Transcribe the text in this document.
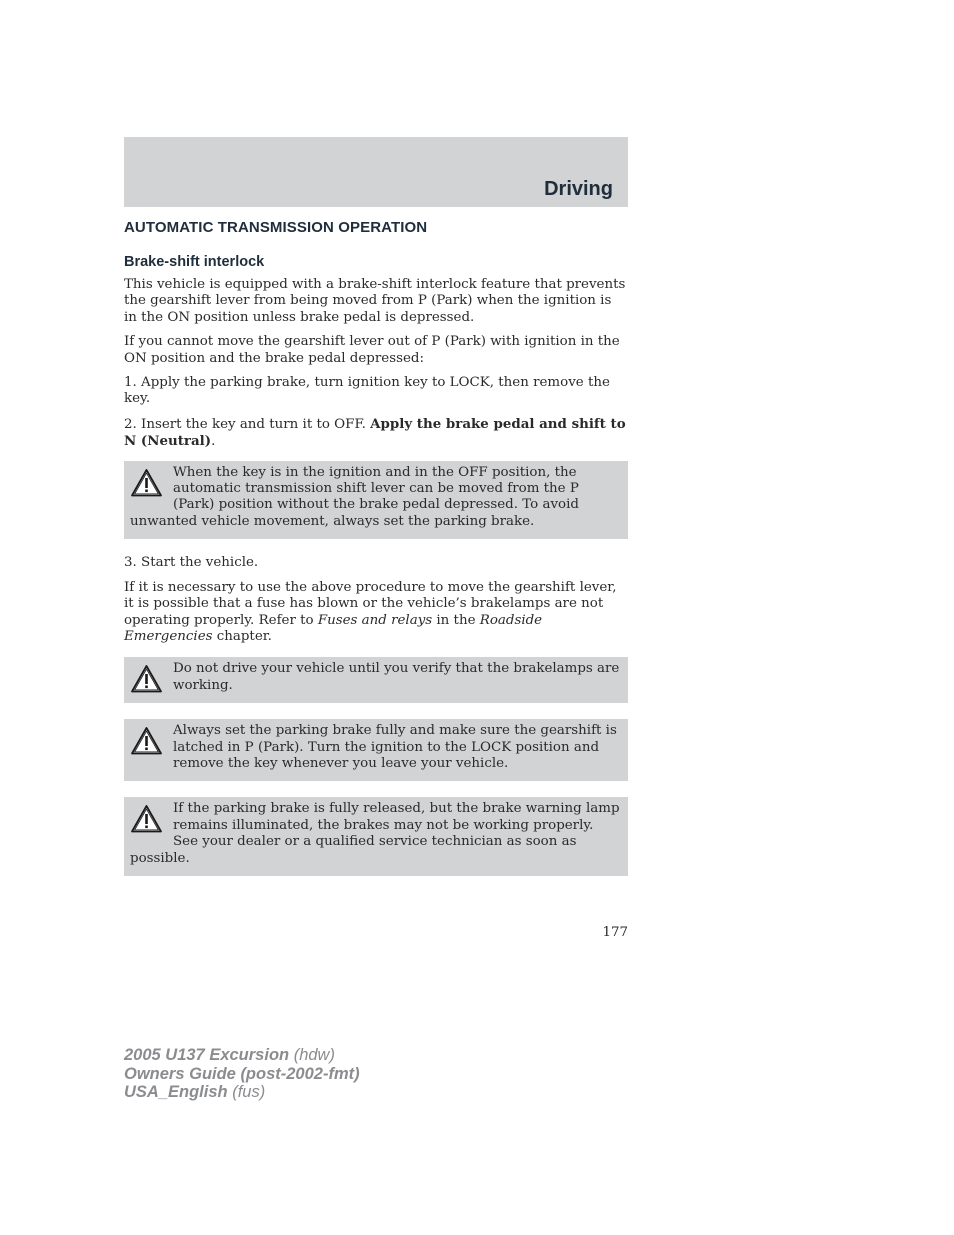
Driving
AUTOMATIC TRANSMISSION OPERATION
Brake-shift interlock

This vehicle is equipped with a brake-shift interlock feature that prevents the gearshift lever from being moved from P (Park) when the ignition is in the ON position unless brake pedal is depressed.

If you cannot move the gearshift lever out of P (Park) with ignition in the ON position and the brake pedal depressed:

1. Apply the parking brake, turn ignition key to LOCK, then remove the key.

2. Insert the key and turn it to OFF. Apply the brake pedal and shift to N (Neutral).

When the key is in the ignition and in the OFF position, the automatic transmission shift lever can be moved from the P (Park) position without the brake pedal depressed. To avoid unwanted vehicle movement, always set the parking brake.

3. Start the vehicle.

If it is necessary to use the above procedure to move the gearshift lever, it is possible that a fuse has blown or the vehicle’s brakelamps are not operating properly. Refer to Fuses and relays in the Roadside Emergencies chapter.

Do not drive your vehicle until you verify that the brakelamps are working.
Always set the parking brake fully and make sure the gearshift is latched in P (Park). Turn the ignition to the LOCK position and remove the key whenever you leave your vehicle.
If the parking brake is fully released, but the brake warning lamp remains illuminated, the brakes may not be working properly. See your dealer or a qualified service technician as soon as possible.
177
2005 U137 Excursion (hdw)
Owners Guide (post-2002-fmt)
USA_English (fus)
